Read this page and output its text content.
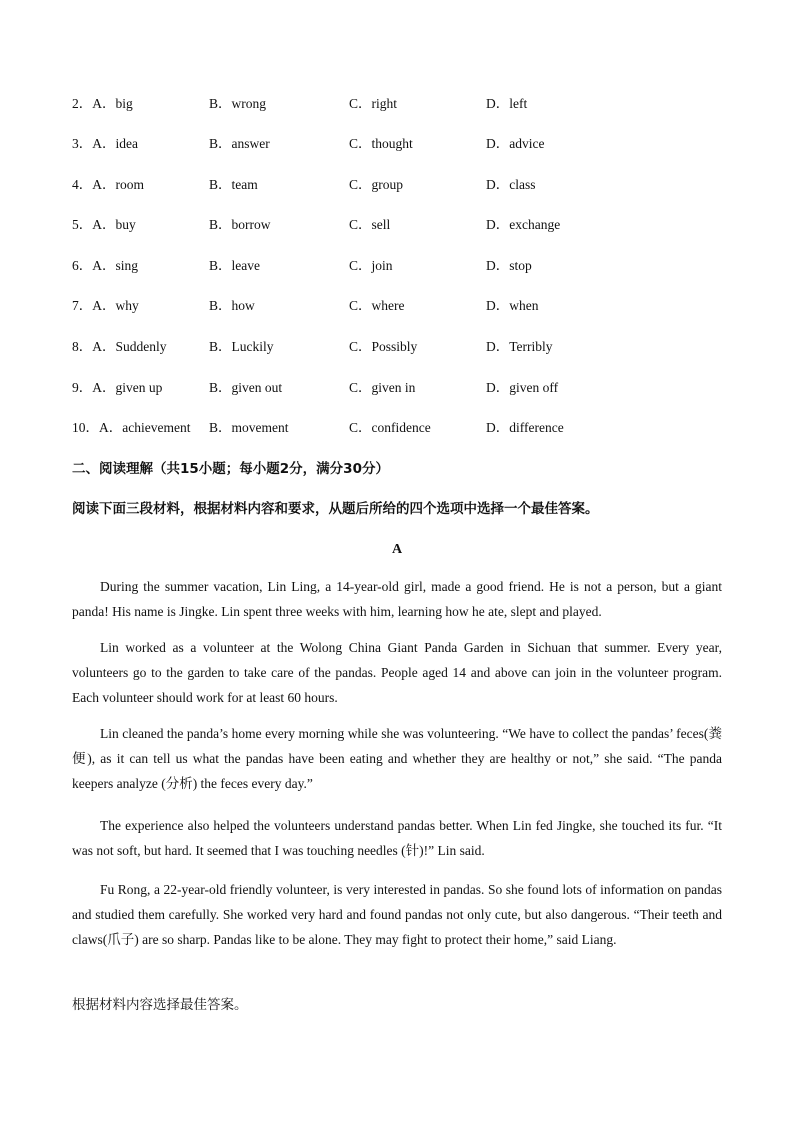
2．A．big	B．wrong	C．right	D．left
3．A．idea	B．answer	C．thought	D．advice
4．A．room	B．team	C．group	D．class
5．A．buy	B．borrow	C．sell	D．exchange
6．A．sing	B．leave	C．join	D．stop
7．A．why	B．how	C．where	D．when
8．A．Suddenly	B．Luckily	C．Possibly	D．Terribly
9．A．given up	B．given out	C．given in	D．given off
10．A．achievement B．movement	C．confidence	D．difference
二、阅读理解（共15小题；每小题2分，满分30分）
阅读下面三段材料，根据材料内容和要求，从题后所给的四个选项中选择一个最佳答案。
A

During the summer vacation, Lin Ling, a 14-year-old girl, made a good friend. He is not a person, but a giant panda! His name is Jingke. Lin spent three weeks with him, learning how he ate, slept and played.

Lin worked as a volunteer at the Wolong China Giant Panda Garden in Sichuan that summer. Every year, volunteers go to the garden to take care of the pandas. People aged 14 and above can join in the volunteer program. Each volunteer should work for at least 60 hours.

Lin cleaned the panda’s home every morning while she was volunteering. “We have to collect the pandas’ feces(粪便), as it can tell us what the pandas have been eating and whether they are healthy or not,” she said. “The panda keepers analyze (分析) the feces every day.”

The experience also helped the volunteers understand pandas better. When Lin fed Jingke, she touched its fur. “It was not soft, but hard. It seemed that I was touching needles (针)!” Lin said.

Fu Rong, a 22-year-old friendly volunteer, is very interested in pandas. So she found lots of information on pandas and studied them carefully. She worked very hard and found pandas not only cute, but also dangerous. “Their teeth and claws(爪子) are so sharp. Pandas like to be alone. They may fight to protect their home,” said Liang.

根据材料内容选择最佳答案。
